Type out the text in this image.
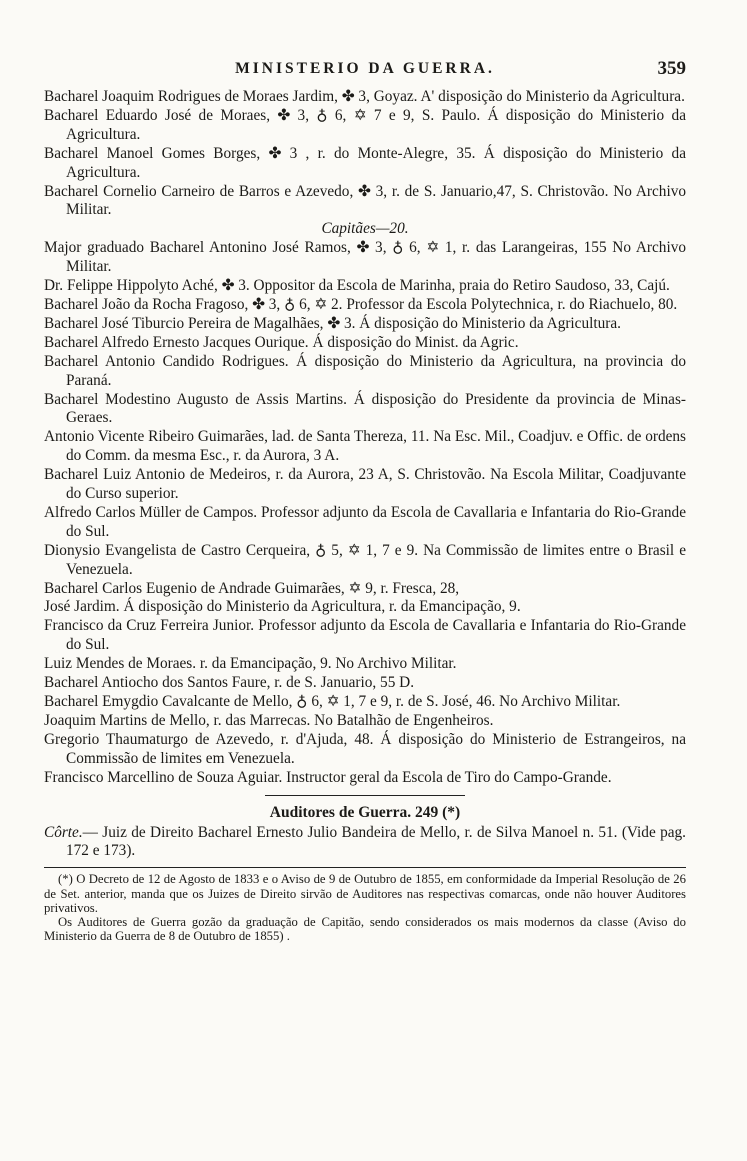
MINISTERIO DA GUERRA.	359
Bacharel Joaquim Rodrigues de Moraes Jardim, ✤ 3, Goyaz. A' disposição do Ministerio da Agricultura.
Bacharel Eduardo José de Moraes, ✤ 3, ♁ 6, ✡ 7 e 9, S. Paulo. Á disposição do Ministerio da Agricultura.
Bacharel Manoel Gomes Borges, ✤ 3 , r. do Monte-Alegre, 35. Á disposição do Ministerio da Agricultura.
Bacharel Cornelio Carneiro de Barros e Azevedo, ✤ 3, r. de S. Januario,47, S. Christovão. No Archivo Militar.
Capitães—20.
Major graduado Bacharel Antonino José Ramos, ✤ 3, ♁ 6, ✡ 1, r. das Larangeiras, 155 No Archivo Militar.
Dr. Felippe Hippolyto Aché, ✤ 3. Oppositor da Escola de Marinha, praia do Retiro Saudoso, 33, Cajú.
Bacharel João da Rocha Fragoso, ✤ 3, ♁ 6, ✡ 2. Professor da Escola Polytechnica, r. do Riachuelo, 80.
Bacharel José Tiburcio Pereira de Magalhães, ✤ 3. Á disposição do Ministerio da Agricultura.
Bacharel Alfredo Ernesto Jacques Ourique. Á disposição do Minist. da Agric.
Bacharel Antonio Candido Rodrigues. Á disposição do Ministerio da Agricultura, na provincia do Paraná.
Bacharel Modestino Augusto de Assis Martins. Á disposição do Presidente da provincia de Minas-Geraes.
Antonio Vicente Ribeiro Guimarães, lad. de Santa Thereza, 11. Na Esc. Mil., Coadjuv. e Offic. de ordens do Comm. da mesma Esc., r. da Aurora, 3 A.
Bacharel Luiz Antonio de Medeiros, r. da Aurora, 23 A, S. Christovão. Na Escola Militar, Coadjuvante do Curso superior.
Alfredo Carlos Müller de Campos. Professor adjunto da Escola de Cavallaria e Infantaria do Rio-Grande do Sul.
Dionysio Evangelista de Castro Cerqueira, ♁ 5, ✡ 1, 7 e 9. Na Commissão de limites entre o Brasil e Venezuela.
Bacharel Carlos Eugenio de Andrade Guimarães, ✡ 9, r. Fresca, 28,
José Jardim. Á disposição do Ministerio da Agricultura, r. da Emancipação, 9.
Francisco da Cruz Ferreira Junior. Professor adjunto da Escola de Cavallaria e Infantaria do Rio-Grande do Sul.
Luiz Mendes de Moraes. r. da Emancipação, 9. No Archivo Militar.
Bacharel Antiocho dos Santos Faure, r. de S. Januario, 55 D.
Bacharel Emygdio Cavalcante de Mello, ♁ 6, ✡ 1, 7 e 9, r. de S. José, 46. No Archivo Militar.
Joaquim Martins de Mello, r. das Marrecas. No Batalhão de Engenheiros.
Gregorio Thaumaturgo de Azevedo, r. d'Ajuda, 48. Á disposição do Ministerio de Estrangeiros, na Commissão de limites em Venezuela.
Francisco Marcellino de Souza Aguiar. Instructor geral da Escola de Tiro do Campo-Grande.
Auditores de Guerra. 249 (*)
Côrte.— Juiz de Direito Bacharel Ernesto Julio Bandeira de Mello, r. de Silva Manoel n. 51. (Vide pag. 172 e 173).

(*) O Decreto de 12 de Agosto de 1833 e o Aviso de 9 de Outubro de 1855, em conformidade da Imperial Resolução de 26 de Set. anterior, manda que os Juizes de Direito sirvão de Auditores nas respectivas comarcas, onde não houver Auditores privativos.

Os Auditores de Guerra gozão da graduação de Capitão, sendo considerados os mais modernos da classe (Aviso do Ministerio da Guerra de 8 de Outubro de 1855) .
